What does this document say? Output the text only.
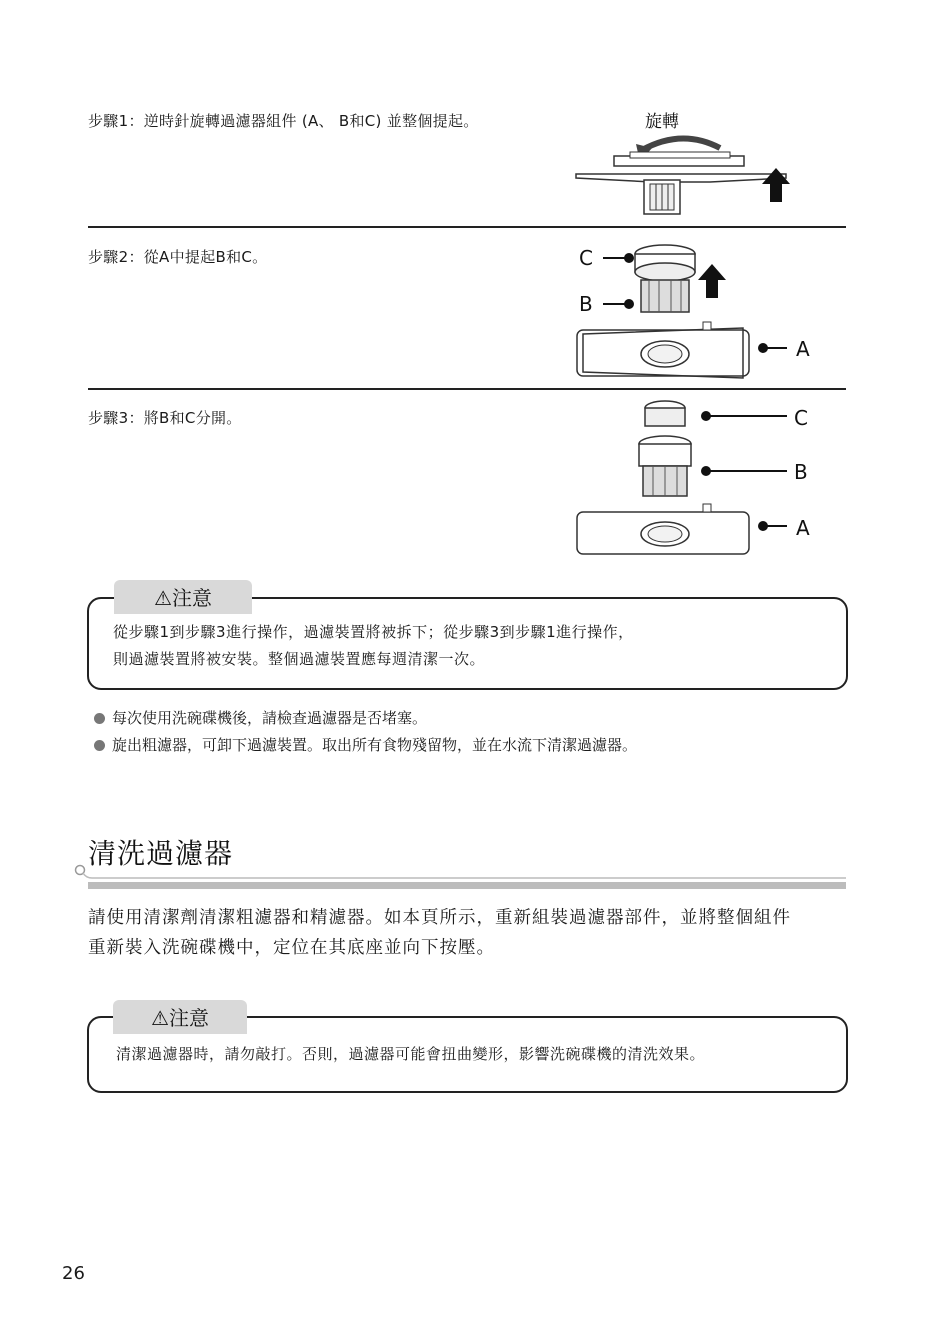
步驟1：逆時針旋轉過濾器組件 (A、 B和C) 並整個提起。
步驟2：從A中提起B和C。
步驟3：將B和C分開。
旋轉
C
B
A
C
B
A
⚠注意
從步驟1到步驟3進行操作，過濾裝置將被拆下；從步驟3到步驟1進行操作，
則過濾裝置將被安裝。整個過濾裝置應每週清潔一次。
每次使用洗碗碟機後，請檢查過濾器是否堵塞。
旋出粗濾器，可卸下過濾裝置。取出所有食物殘留物，並在水流下清潔過濾器。
清洗過濾器
請使用清潔劑清潔粗濾器和精濾器。如本頁所示，重新組裝過濾器部件，並將整個組件
重新裝入洗碗碟機中，定位在其底座並向下按壓。
⚠注意
清潔過濾器時，請勿敲打。否則，過濾器可能會扭曲變形，影響洗碗碟機的清洗效果。
26
